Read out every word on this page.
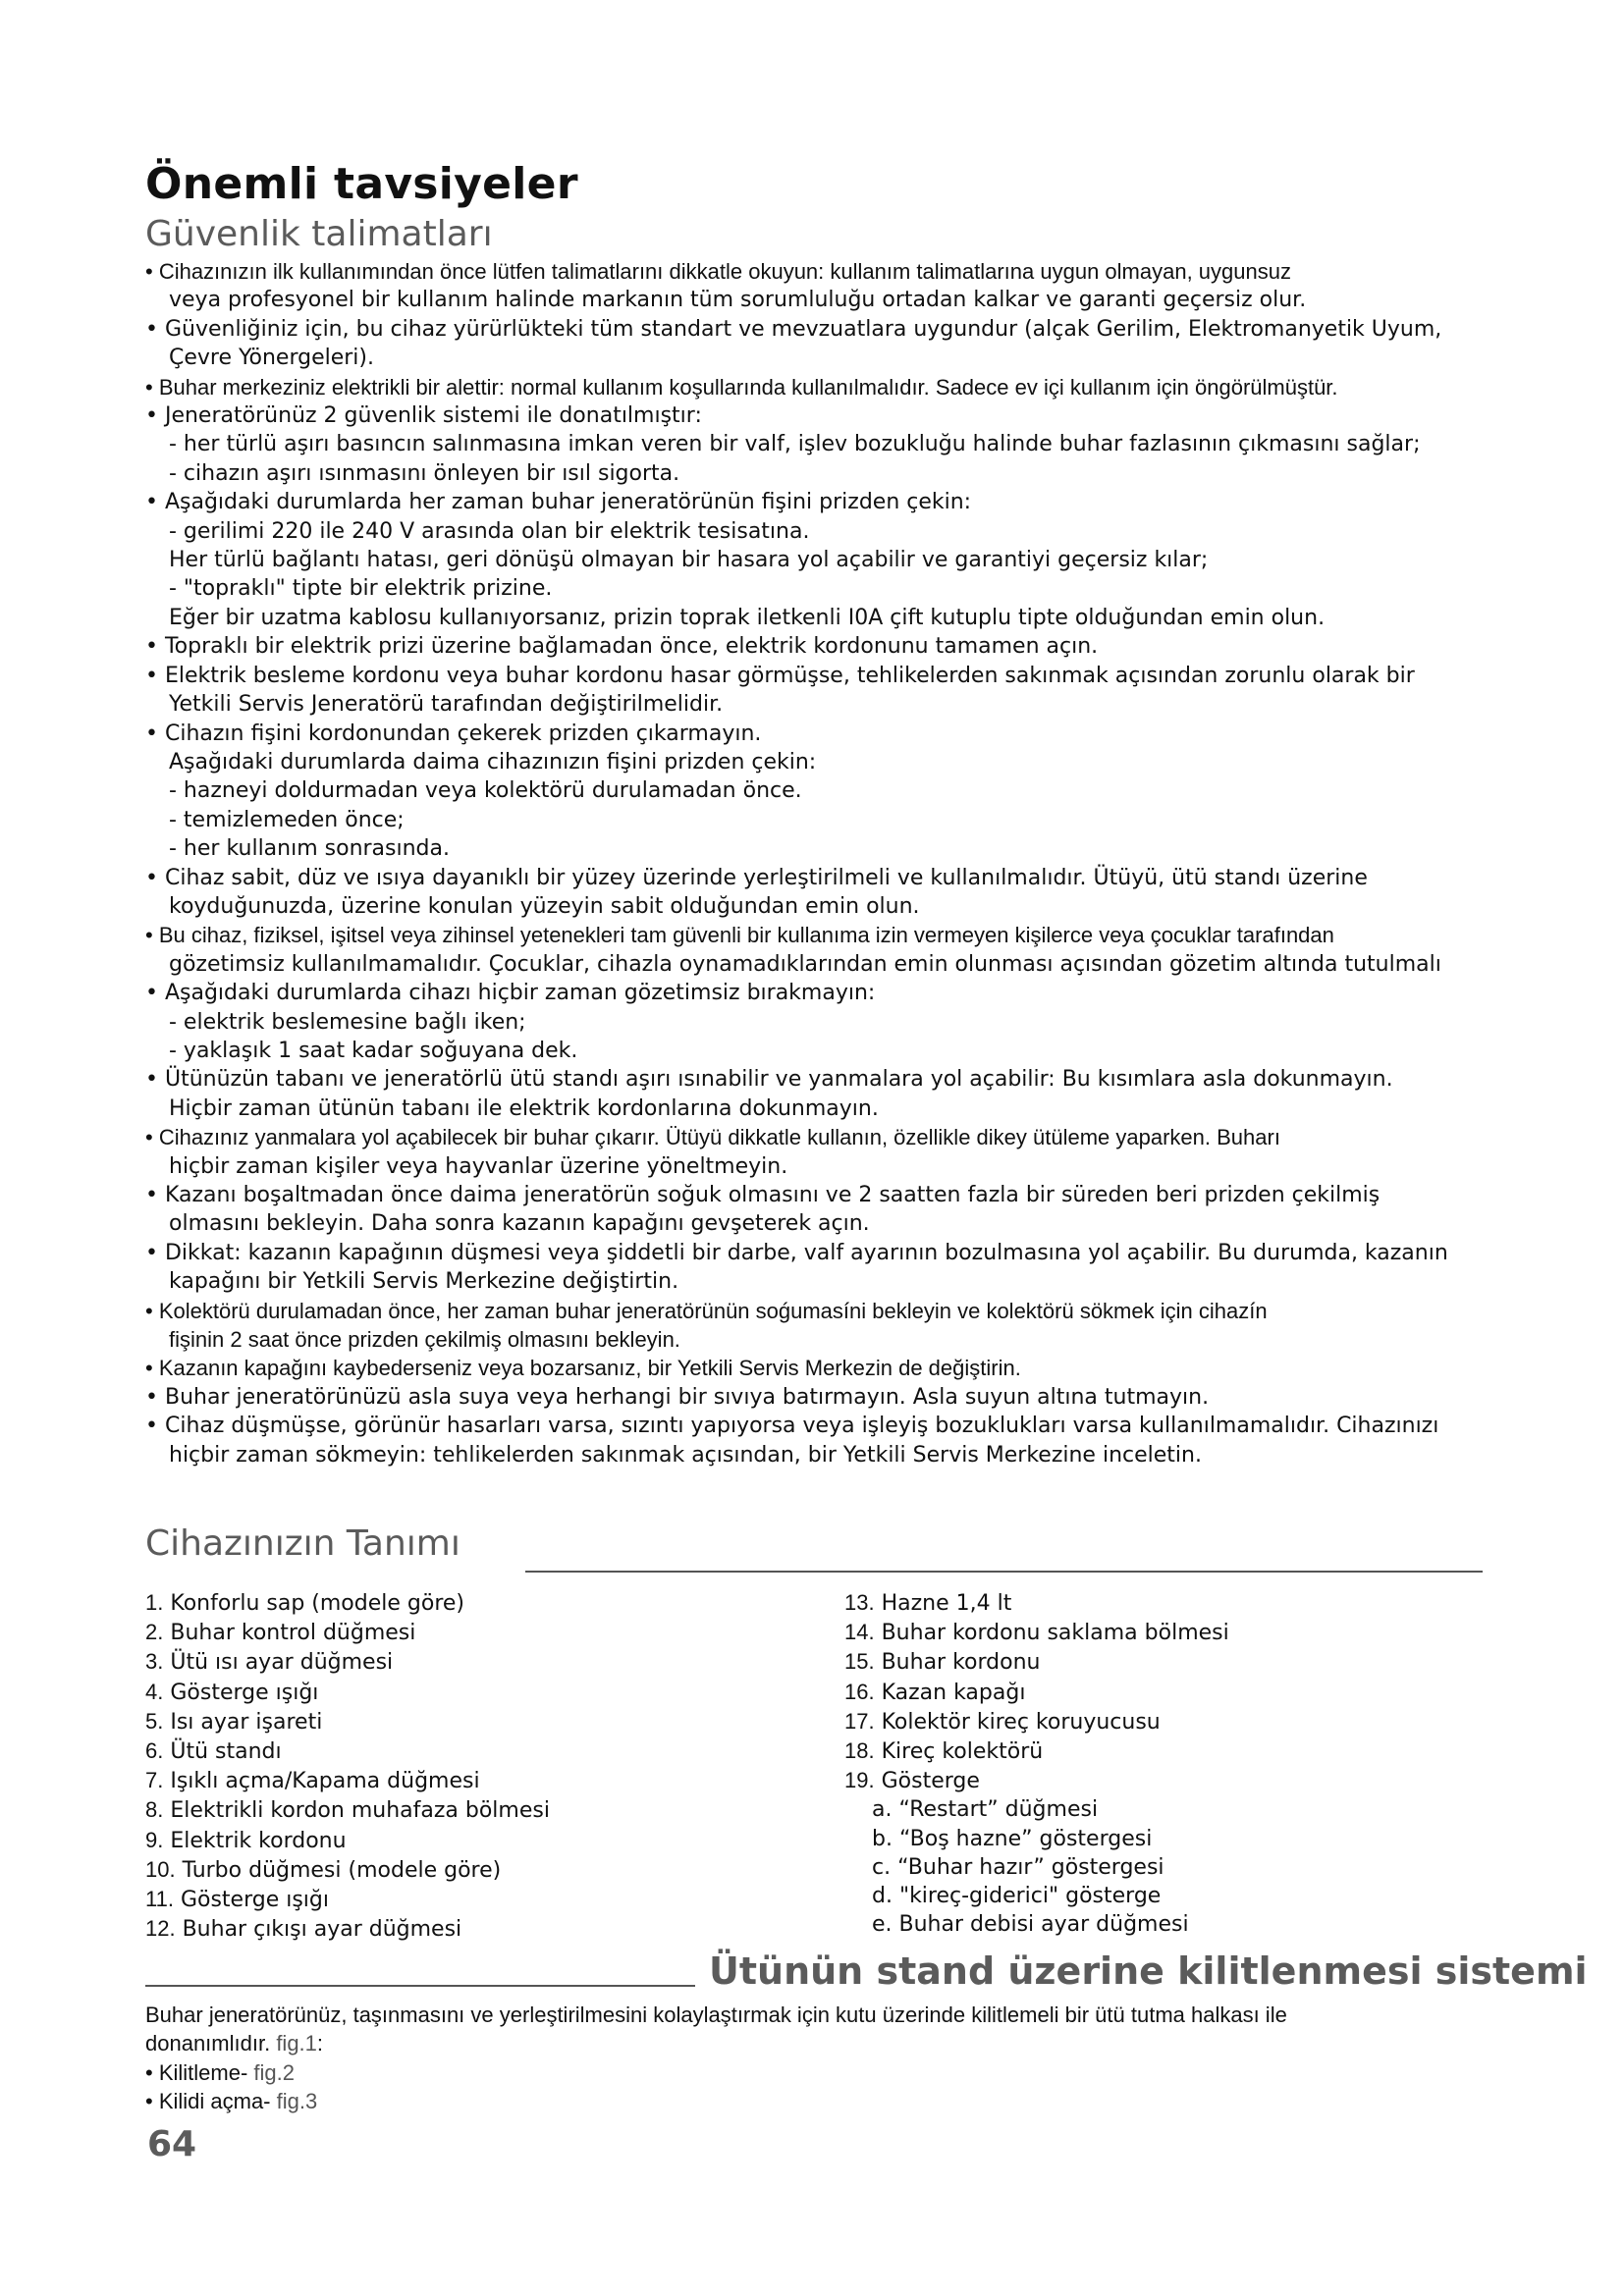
Önemli tavsiyeler
Güvenlik talimatları

• Cihazınızın ilk kullanımından önce lütfen talimatlarını dikkatle okuyun: kullanım talimatlarına uygun olmayan, uygunsuz

veya profesyonel bir kullanım halinde markanın tüm sorumluluğu ortadan kalkar ve garanti geçersiz olur.

• Güvenliğiniz için, bu cihaz yürürlükteki tüm standart ve mevzuatlara uygundur (alçak Gerilim, Elektromanyetik Uyum,

Çevre Yönergeleri).

• Buhar merkeziniz elektrikli bir alettir: normal kullanım koşullarında kullanılmalıdır. Sadece ev içi kullanım için öngörülmüştür.

• Jeneratörünüz 2 güvenlik sistemi ile donatılmıştır:

- her türlü aşırı basıncın salınmasına imkan veren bir valf, işlev bozukluğu halinde buhar fazlasının çıkmasını sağlar;

- cihazın aşırı ısınmasını önleyen bir ısıl sigorta.

• Aşağıdaki durumlarda her zaman buhar jeneratörünün fişini prizden çekin:

- gerilimi 220 ile 240 V arasında olan bir elektrik tesisatına.

Her türlü bağlantı hatası, geri dönüşü olmayan bir hasara yol açabilir ve garantiyi geçersiz kılar;

- "topraklı" tipte bir elektrik prizine.

Eğer bir uzatma kablosu kullanıyorsanız, prizin toprak iletkenli I0A çift kutuplu tipte olduğundan emin olun.

• Topraklı bir elektrik prizi üzerine bağlamadan önce, elektrik kordonunu tamamen açın.

• Elektrik besleme kordonu veya buhar kordonu hasar görmüşse, tehlikelerden sakınmak açısından zorunlu olarak bir

Yetkili Servis Jeneratörü tarafından değiştirilmelidir.

• Cihazın fişini kordonundan çekerek prizden çıkarmayın.

Aşağıdaki durumlarda daima cihazınızın fişini prizden çekin:

- hazneyi doldurmadan veya kolektörü durulamadan önce.

- temizlemeden önce;

- her kullanım sonrasında.

• Cihaz sabit, düz ve ısıya dayanıklı bir yüzey üzerinde yerleştirilmeli ve kullanılmalıdır. Ütüyü, ütü standı üzerine

koyduğunuzda, üzerine konulan yüzeyin sabit olduğundan emin olun.

• Bu cihaz, fiziksel, işitsel veya zihinsel yetenekleri tam güvenli bir kullanıma izin vermeyen kişilerce veya çocuklar tarafından

gözetimsiz kullanılmamalıdır. Çocuklar, cihazla oynamadıklarından emin olunması açısından gözetim altında tutulmalı

• Aşağıdaki durumlarda cihazı hiçbir zaman gözetimsiz bırakmayın:

- elektrik beslemesine bağlı iken;

- yaklaşık 1 saat kadar soğuyana dek.

• Ütünüzün tabanı ve jeneratörlü ütü standı aşırı ısınabilir ve yanmalara yol açabilir: Bu kısımlara asla dokunmayın.

Hiçbir zaman ütünün tabanı ile elektrik kordonlarına dokunmayın.

• Cihazınız yanmalara yol açabilecek bir buhar çıkarır. Ütüyü dikkatle kullanın, özellikle dikey ütüleme yaparken. Buharı

hiçbir zaman kişiler veya hayvanlar üzerine yöneltmeyin.

• Kazanı boşaltmadan önce daima jeneratörün soğuk olmasını ve 2 saatten fazla bir süreden beri prizden çekilmiş

olmasını bekleyin. Daha sonra kazanın kapağını gevşeterek açın.

• Dikkat: kazanın kapağının düşmesi veya şiddetli bir darbe, valf ayarının bozulmasına yol açabilir. Bu durumda, kazanın

kapağını bir Yetkili Servis Merkezine değiştirtin.

• Kolektörü durulamadan önce, her zaman buhar jeneratörünün soǵumasíni bekleyin ve kolektörü sökmek için cihazín

fişinin 2 saat önce prizden çekilmiş olmasını bekleyin.

• Kazanın kapağını kaybederseniz veya bozarsanız, bir Yetkili Servis Merkezin de değiştirin.

• Buhar jeneratörünüzü asla suya veya herhangi bir sıvıya batırmayın. Asla suyun altına tutmayın.

• Cihaz düşmüşse, görünür hasarları varsa, sızıntı yapıyorsa veya işleyiş bozuklukları varsa kullanılmamalıdır. Cihazınızı

hiçbir zaman sökmeyin: tehlikelerden sakınmak açısından, bir Yetkili Servis Merkezine inceletin.

Cihazınızın Tanımı
1. Konforlu sap (modele göre)
2. Buhar kontrol düğmesi
3. Ütü ısı ayar düğmesi
4. Gösterge ışığı
5. Isı ayar işareti
6. Ütü standı
7. Işıklı açma/Kapama düğmesi
8. Elektrikli kordon muhafaza bölmesi
9. Elektrik kordonu
10. Turbo düğmesi (modele göre)
11. Gösterge ışığı
12. Buhar çıkışı ayar düğmesi
13. Hazne 1,4 lt
14. Buhar kordonu saklama bölmesi
15. Buhar kordonu
16. Kazan kapağı
17. Kolektör kireç koruyucusu
18. Kireç kolektörü
19. Gösterge
a. “Restart” düğmesi
b. “Boş hazne” göstergesi
c. “Buhar hazır” göstergesi
d. "kireç-giderici" gösterge
e. Buhar debisi ayar düğmesi
Ütünün stand üzerine kilitlenmesi sistemi

Buhar jeneratörünüz, taşınmasını ve yerleştirilmesini kolaylaştırmak için kutu üzerinde kilitlemeli bir ütü tutma halkası ile

donanımlıdır. fig.1:

• Kilitleme- fig.2

• Kilidi açma- fig.3

64
